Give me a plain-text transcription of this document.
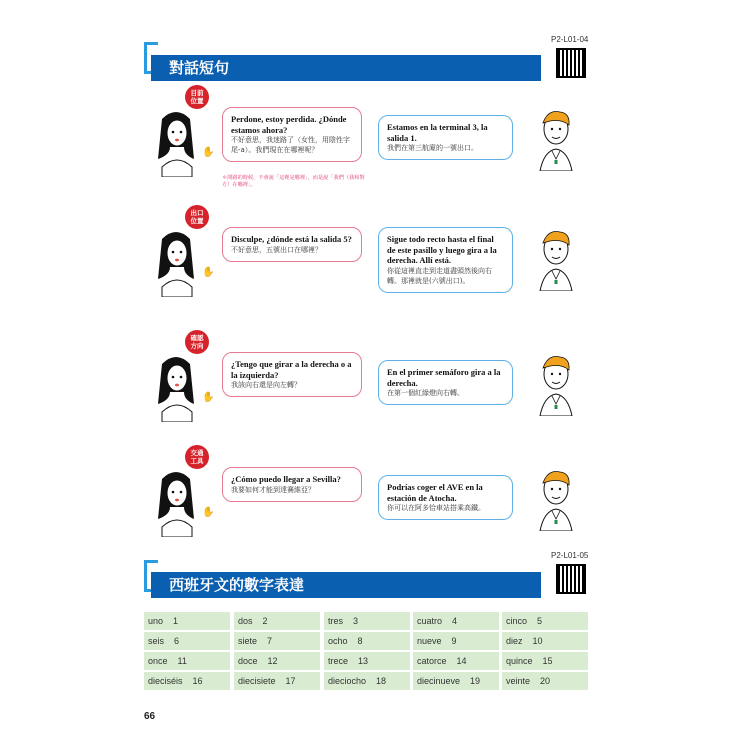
P2-L01-04
對話短句
目前位置
✋
Perdone, estoy perdida. ¿Dónde estamos ahora?
不好意思，我迷路了（女性，用陰性字尾-a）。我們現在在哪裡呢？
Estamos en la terminal 3, la salida 1.
我們在第三航廈的一號出口。
＊問路的時候，不會說「這裡是哪裡」，而是說「我們（我和對方）在哪裡」。
出口位置
✋
Disculpe, ¿dónde está la salida 5?
不好意思，五號出口在哪裡？
Sigue todo recto hasta el final de este pasillo y luego gira a la derecha. Allí está.
你從這裡直走到走道盡頭然後向右轉。那裡就是(六號出口)。
確認方向
✋
¿Tengo que girar a la derecha o a la izquierda?
我該向右還是向左轉？
En el primer semáforo gira a la derecha.
在第一個紅綠燈向右轉。
交通工具
✋
¿Cómo puedo llegar a Sevilla?
我要如何才能到達賽維亞？	Podrías coger el AVE en la estación de Atocha.
你可以在阿多恰車站搭乘高鐵。
P2-L01-05
西班牙文的數字表達
uno 1	dos 2	tres 3	cuatro 4	cinco 5
seis 6	siete 7	ocho 8	nueve 9	diez 10
once 11	doce 12	trece 13	catorce 14	quince 15
dieciséis 16	diecisiete 17	dieciocho 18	diecinueve 19	veinte 20
66
